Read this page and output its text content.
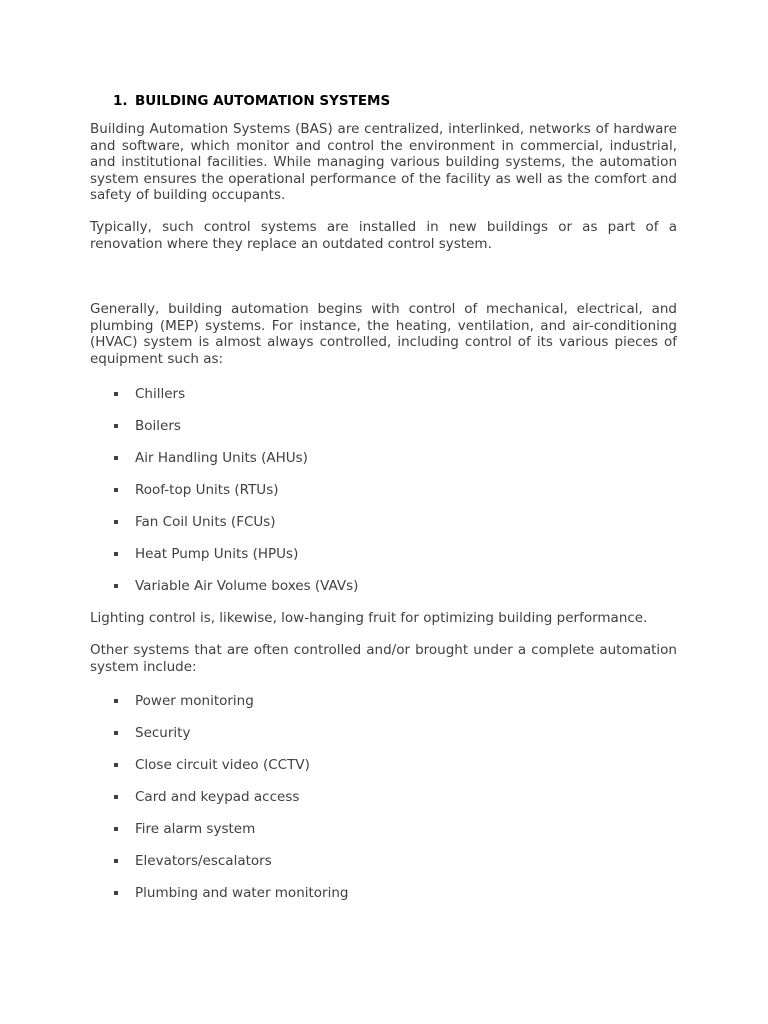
1. BUILDING AUTOMATION SYSTEMS

Building Automation Systems (BAS) are centralized, interlinked, networks of hardware and software, which monitor and control the environment in commercial, industrial, and institutional facilities. While managing various building systems, the automation system ensures the operational performance of the facility as well as the comfort and safety of building occupants.

Typically, such control systems are installed in new buildings or as part of a renovation where they replace an outdated control system.

Generally, building automation begins with control of mechanical, electrical, and plumbing (MEP) systems. For instance, the heating, ventilation, and air-conditioning (HVAC) system is almost always controlled, including control of its various pieces of equipment such as:

Chillers
Boilers
Air Handling Units (AHUs)
Roof-top Units (RTUs)
Fan Coil Units (FCUs)
Heat Pump Units (HPUs)
Variable Air Volume boxes (VAVs)

Lighting control is, likewise, low-hanging fruit for optimizing building performance.

Other systems that are often controlled and/or brought under a complete automation system include:

Power monitoring
Security
Close circuit video (CCTV)
Card and keypad access
Fire alarm system
Elevators/escalators
Plumbing and water monitoring
